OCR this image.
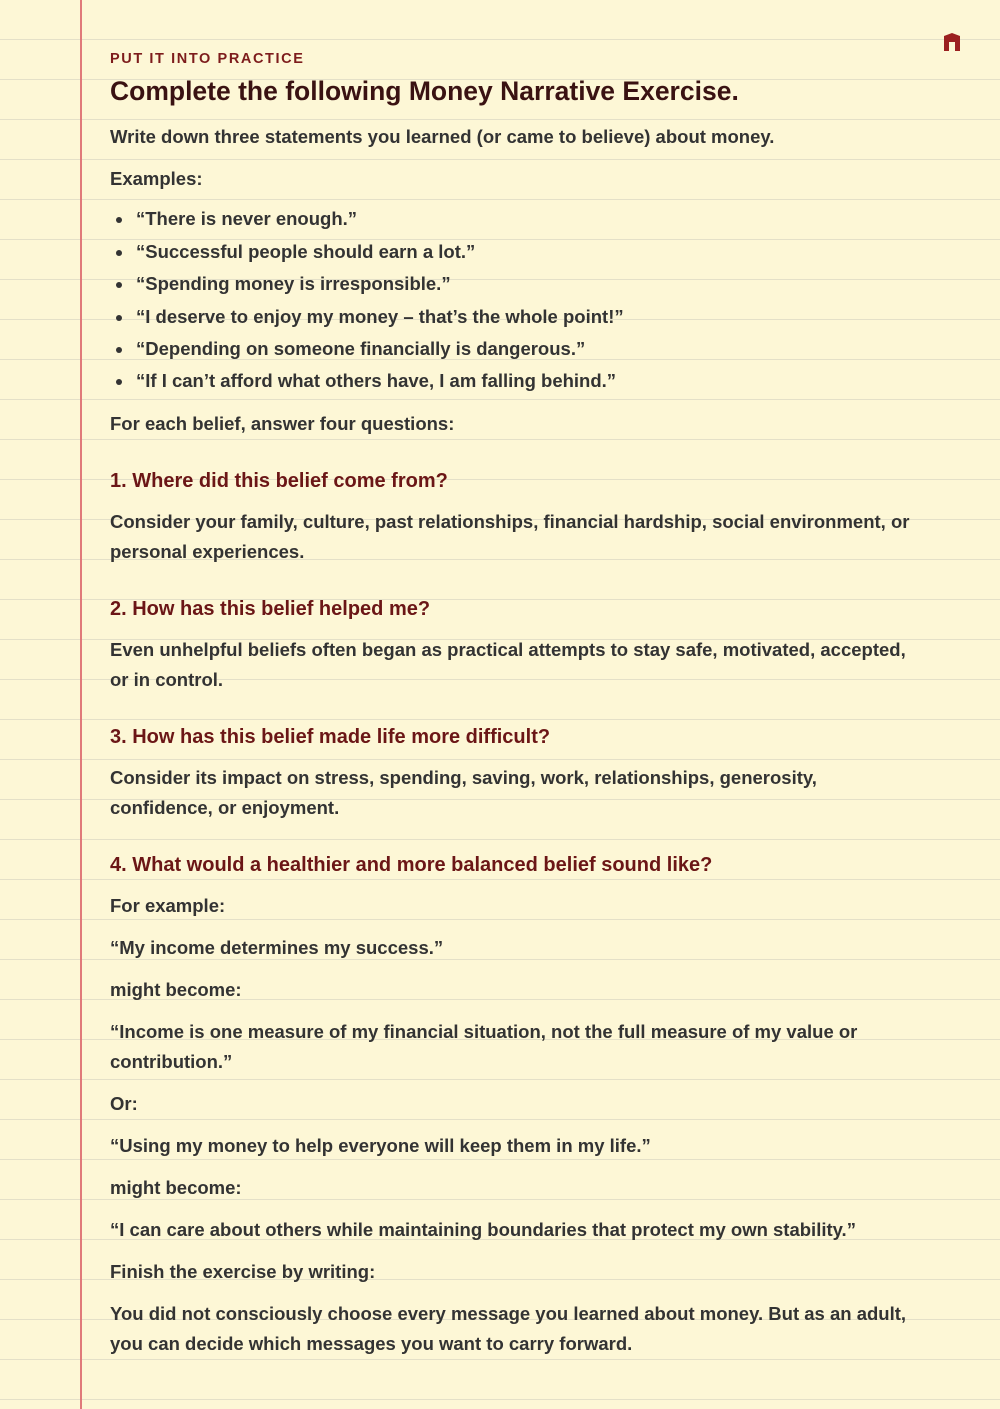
PUT IT INTO PRACTICE
Complete the following Money Narrative Exercise.

Write down three statements you learned (or came to believe) about money.

Examples:

“There is never enough.”
“Successful people should earn a lot.”
“Spending money is irresponsible.”
“I deserve to enjoy my money – that’s the whole point!”
“Depending on someone financially is dangerous.”
“If I can’t afford what others have, I am falling behind.”

For each belief, answer four questions:

1. Where did this belief come from?

Consider your family, culture, past relationships, financial hardship, social environment, or

personal experiences.

2. How has this belief helped me?

Even unhelpful beliefs often began as practical attempts to stay safe, motivated, accepted,

or in control.

3. How has this belief made life more difficult?

Consider its impact on stress, spending, saving, work, relationships, generosity,

confidence, or enjoyment.

4. What would a healthier and more balanced belief sound like?

For example:

“My income determines my success.”

might become:

“Income is one measure of my financial situation, not the full measure of my value or

contribution.”

Or:

“Using my money to help everyone will keep them in my life.”

might become:

“I can care about others while maintaining boundaries that protect my own stability.”

Finish the exercise by writing:

You did not consciously choose every message you learned about money. But as an adult,

you can decide which messages you want to carry forward.
